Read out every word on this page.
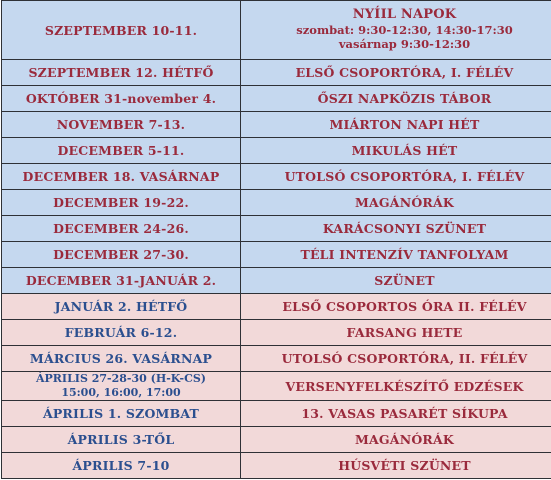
SZEPTEMBER 10-11.	NYÍIL NAPOK
szombat: 9:30-12:30, 14:30-17:30
vasárnap 9:30-12:30

SZEPTEMBER 12. HÉTFŐ	ELSŐ CSOPORTÓRA, I. FÉLÉV
OKTÓBER 31-november 4.	ŐSZI NAPKÖZIS TÁBOR
NOVEMBER 7-13.	MIÁRTON NAPI HÉT
DECEMBER 5-11.	MIKULÁS HÉT
DECEMBER 18. VASÁRNAP	UTOLSÓ CSOPORTÓRA, I. FÉLÉV
DECEMBER 19-22.	MAGÁNÓRÁK
DECEMBER 24-26.	KARÁCSONYI SZÜNET
DECEMBER 27-30.	TÉLI INTENZÍV TANFOLYAM
DECEMBER 31-JANUÁR 2.	SZÜNET
JANUÁR 2. HÉTFŐ	ELSŐ CSOPORTOS ÓRA II. FÉLÉV
FEBRUÁR 6-12.	FARSANG HETE
MÁRCIUS 26. VASÁRNAP	UTOLSÓ CSOPORTÓRA, II. FÉLÉV

ÁPRILIS 27-28-30 (H-K-CS)
15:00, 16:00, 17:00	VERSENYFELKÉSZÍTŐ EDZÉSEK
ÁPRILIS 1. SZOMBAT	13. VASAS PASARÉT SÍKUPA
ÁPRILIS 3-TŐL	MAGÁNÓRÁK
ÁPRILIS 7-10	HÚSVÉTI SZÜNET
